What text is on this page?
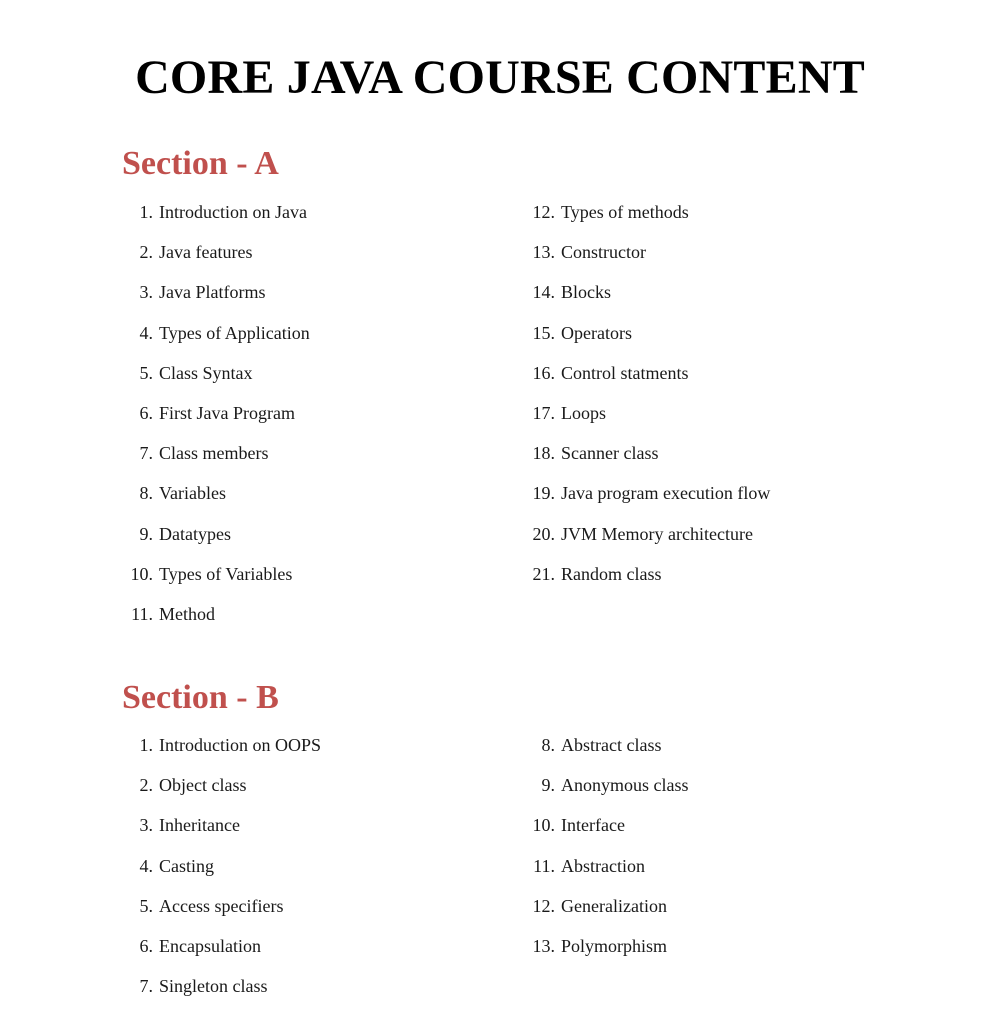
CORE JAVA COURSE CONTENT
Section - A
1. Introduction on Java
2. Java features
3. Java Platforms
4. Types of Application
5. Class Syntax
6. First Java Program
7. Class members
8. Variables
9. Datatypes
10. Types of Variables
11. Method
12. Types of methods
13. Constructor
14. Blocks
15. Operators
16. Control statments
17. Loops
18. Scanner class
19. Java program execution flow
20. JVM Memory architecture
21. Random class
Section - B
1. Introduction on OOPS
2. Object class
3. Inheritance
4. Casting
5. Access specifiers
6. Encapsulation
7. Singleton class
8. Abstract class
9. Anonymous class
10. Interface
11. Abstraction
12. Generalization
13. Polymorphism
